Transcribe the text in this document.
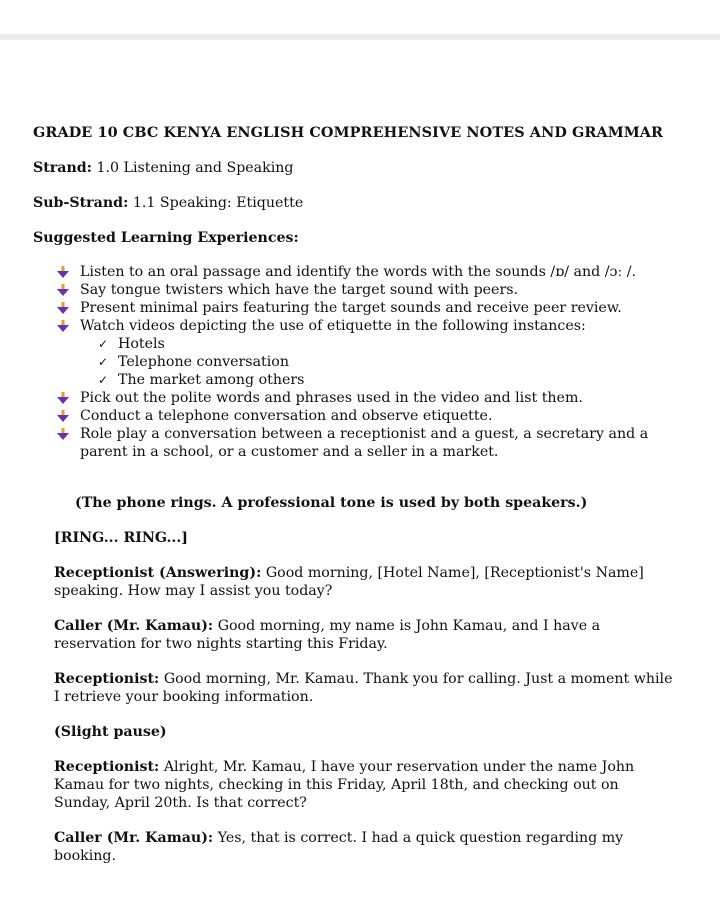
GRADE 10 CBC KENYA ENGLISH COMPREHENSIVE NOTES AND GRAMMAR

Strand: 1.0 Listening and Speaking

Sub-Strand: 1.1 Speaking: Etiquette

Suggested Learning Experiences:
Listen to an oral passage and identify the words with the sounds /ɒ/ and /ɔː /.
Say tongue twisters which have the target sound with peers.
Present minimal pairs featuring the target sounds and receive peer review.
Watch videos depicting the use of etiquette in the following instances:
✓ Hotels
✓ Telephone conversation
✓ The market among others
Pick out the polite words and phrases used in the video and list them.
Conduct a telephone conversation and observe etiquette.
Role play a conversation between a receptionist and a guest, a secretary and a parent in a school, or a customer and a seller in a market.

(The phone rings. A professional tone is used by both speakers.)

[RING... RING...]

Receptionist (Answering): Good morning, [Hotel Name], [Receptionist's Name] speaking. How may I assist you today?

Caller (Mr. Kamau): Good morning, my name is John Kamau, and I have a reservation for two nights starting this Friday.

Receptionist: Good morning, Mr. Kamau. Thank you for calling. Just a moment while I retrieve your booking information.

(Slight pause)

Receptionist: Alright, Mr. Kamau, I have your reservation under the name John Kamau for two nights, checking in this Friday, April 18th, and checking out on Sunday, April 20th. Is that correct?

Caller (Mr. Kamau): Yes, that is correct. I had a quick question regarding my booking.
